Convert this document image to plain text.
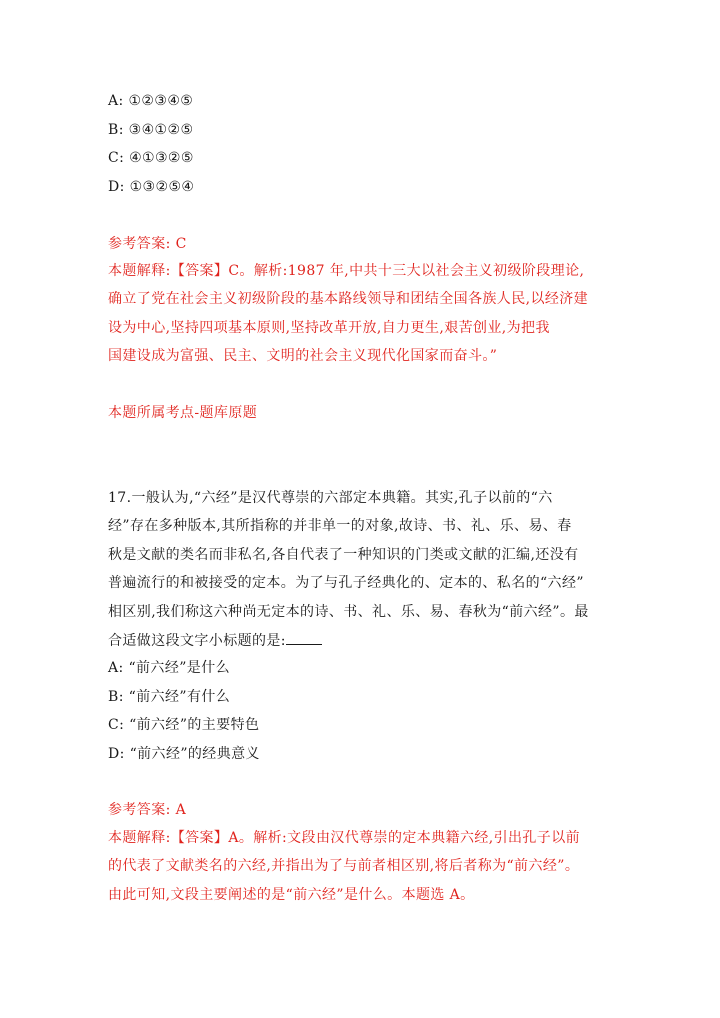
A: ①②③④⑤
B: ③④①②⑤
C: ④①③②⑤
D: ①③②⑤④
参考答案: C
本题解释:【答案】C。解析:1987 年,中共十三大以社会主义初级阶段理论,
确立了党在社会主义初级阶段的基本路线领导和团结全国各族人民,以经济建
设为中心,坚持四项基本原则,坚持改革开放,自力更生,艰苦创业,为把我
国建设成为富强、民主、文明的社会主义现代化国家而奋斗。”
本题所属考点-题库原题
17.一般认为,“六经”是汉代尊崇的六部定本典籍。其实,孔子以前的“六
经”存在多种版本,其所指称的并非单一的对象,故诗、书、礼、乐、易、春
秋是文献的类名而非私名,各自代表了一种知识的门类或文献的汇编,还没有
普遍流行的和被接受的定本。为了与孔子经典化的、定本的、私名的“六经”
相区别,我们称这六种尚无定本的诗、书、礼、乐、易、春秋为“前六经”。最
合适做这段文字小标题的是:
A: “前六经”是什么
B: “前六经”有什么
C: “前六经”的主要特色
D: “前六经”的经典意义
参考答案: A
本题解释:【答案】A。解析:文段由汉代尊崇的定本典籍六经,引出孔子以前
的代表了文献类名的六经,并指出为了与前者相区别,将后者称为“前六经”。
由此可知,文段主要阐述的是“前六经”是什么。本题选 A。
